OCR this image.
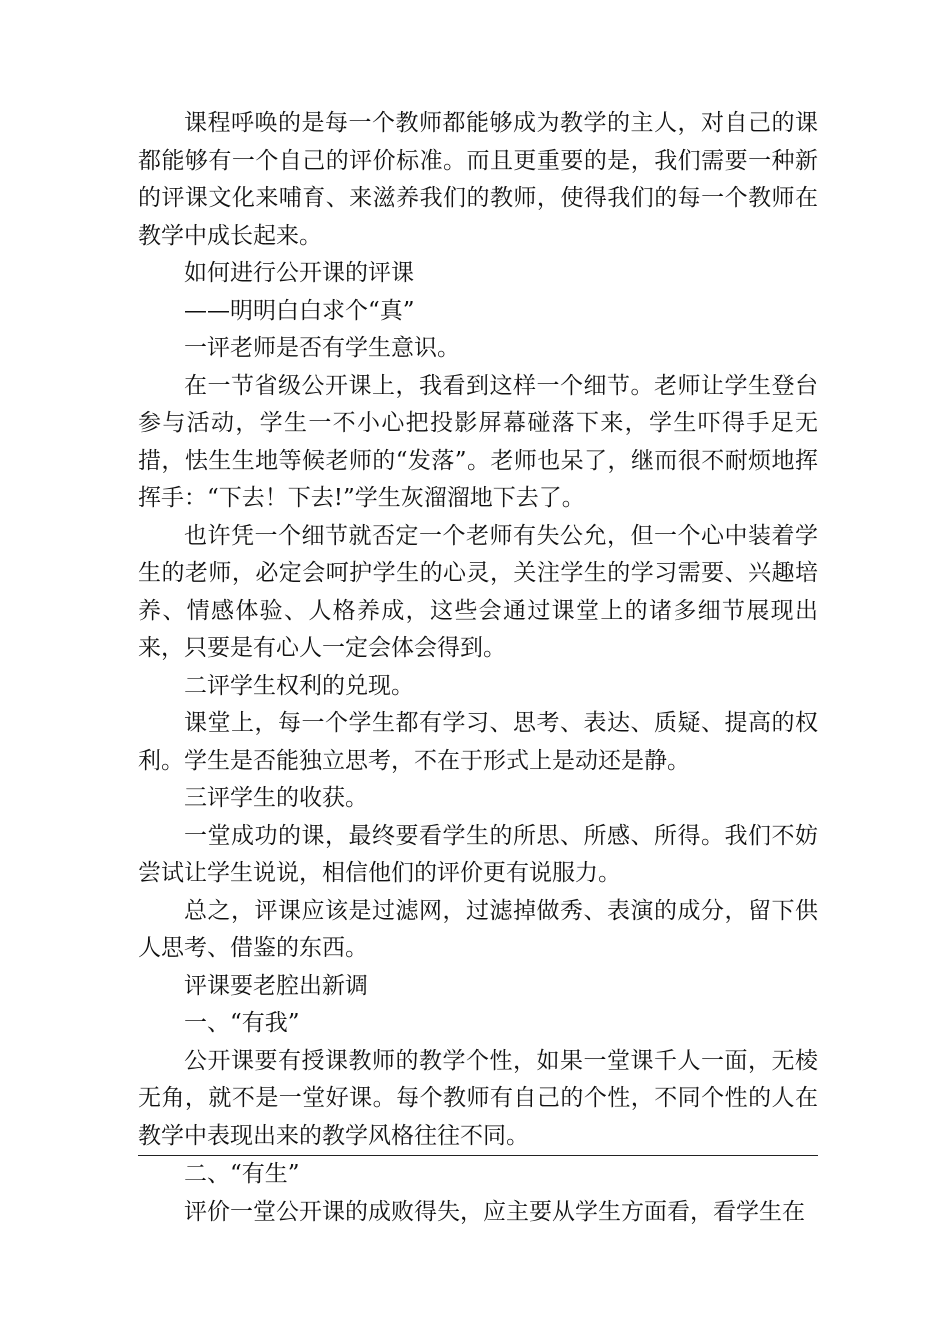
课程呼唤的是每一个教师都能够成为教学的主人，对自己的课都能够有一个自己的评价标准。而且更重要的是，我们需要一种新的评课文化来哺育、来滋养我们的教师，使得我们的每一个教师在教学中成长起来。

如何进行公开课的评课

——明明白白求个“真”

一评老师是否有学生意识。

在一节省级公开课上，我看到这样一个细节。老师让学生登台参与活动，学生一不小心把投影屏幕碰落下来，学生吓得手足无措，怯生生地等候老师的“发落”。老师也呆了，继而很不耐烦地挥挥手：“下去！下去!”学生灰溜溜地下去了。

也许凭一个细节就否定一个老师有失公允，但一个心中装着学生的老师，必定会呵护学生的心灵，关注学生的学习需要、兴趣培养、情感体验、人格养成，这些会通过课堂上的诸多细节展现出来，只要是有心人一定会体会得到。

二评学生权利的兑现。

课堂上，每一个学生都有学习、思考、表达、质疑、提高的权利。学生是否能独立思考，不在于形式上是动还是静。

三评学生的收获。

一堂成功的课，最终要看学生的所思、所感、所得。我们不妨尝试让学生说说，相信他们的评价更有说服力。

总之，评课应该是过滤网，过滤掉做秀、表演的成分，留下供人思考、借鉴的东西。

评课要老腔出新调

一、“有我”

公开课要有授课教师的教学个性，如果一堂课千人一面，无棱无角，就不是一堂好课。每个教师有自己的个性，不同个性的人在教学中表现出来的教学风格往往不同。

二、“有生”

评价一堂公开课的成败得失，应主要从学生方面看，看学生在
